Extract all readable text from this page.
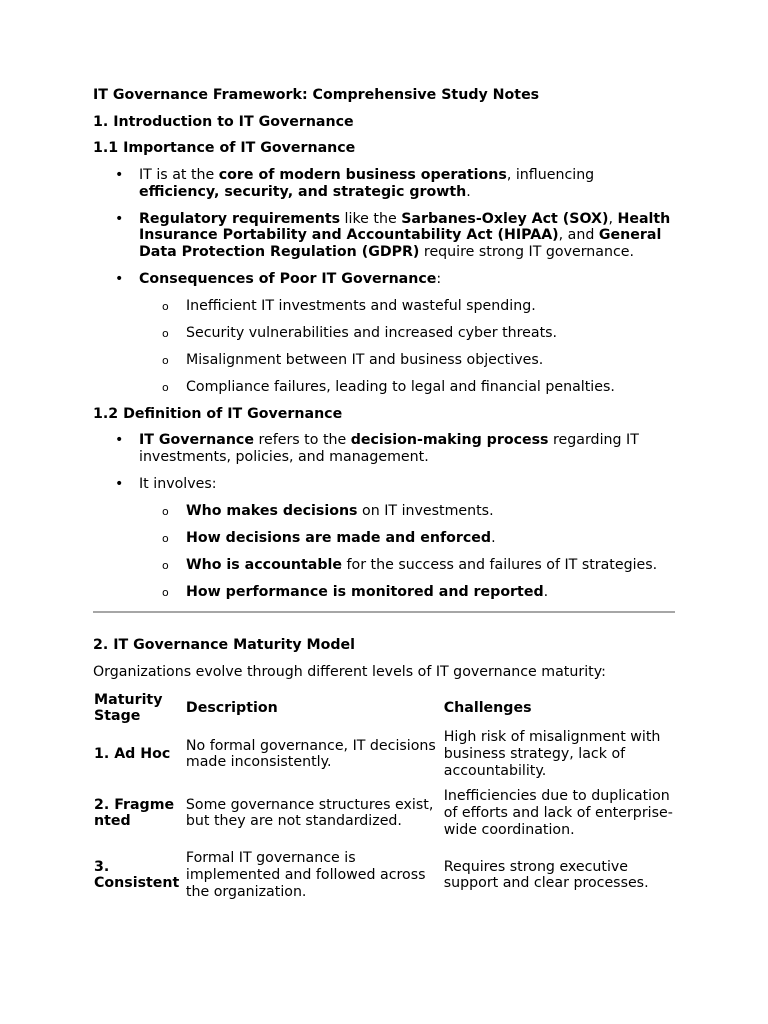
IT Governance Framework: Comprehensive Study Notes

1. Introduction to IT Governance

1.1 Importance of IT Governance

• IT is at the core of modern business operations, influencing efficiency, security, and strategic growth.
• Regulatory requirements like the Sarbanes-Oxley Act (SOX), Health Insurance Portability and Accountability Act (HIPAA), and General Data Protection Regulation (GDPR) require strong IT governance.
• Consequences of Poor IT Governance:
o Inefficient IT investments and wasteful spending.
o Security vulnerabilities and increased cyber threats.
o Misalignment between IT and business objectives.
o Compliance failures, leading to legal and financial penalties.

1.2 Definition of IT Governance

• IT Governance refers to the decision-making process regarding IT investments, policies, and management.
• It involves:
o Who makes decisions on IT investments.
o How decisions are made and enforced.
o Who is accountable for the success and failures of IT strategies.
o How performance is monitored and reported.

2. IT Governance Maturity Model

Organizations evolve through different levels of IT governance maturity:

Maturity Stage	Description	Challenges
1. Ad Hoc	No formal governance, IT decisions made inconsistently.	High risk of misalignment with business strategy, lack of accountability.
2. Fragmented	Some governance structures exist, but they are not standardized.	Inefficiencies due to duplication of efforts and lack of enterprise-wide coordination.
3. Consistent	Formal IT governance is implemented and followed across the organization.	Requires strong executive support and clear processes.
